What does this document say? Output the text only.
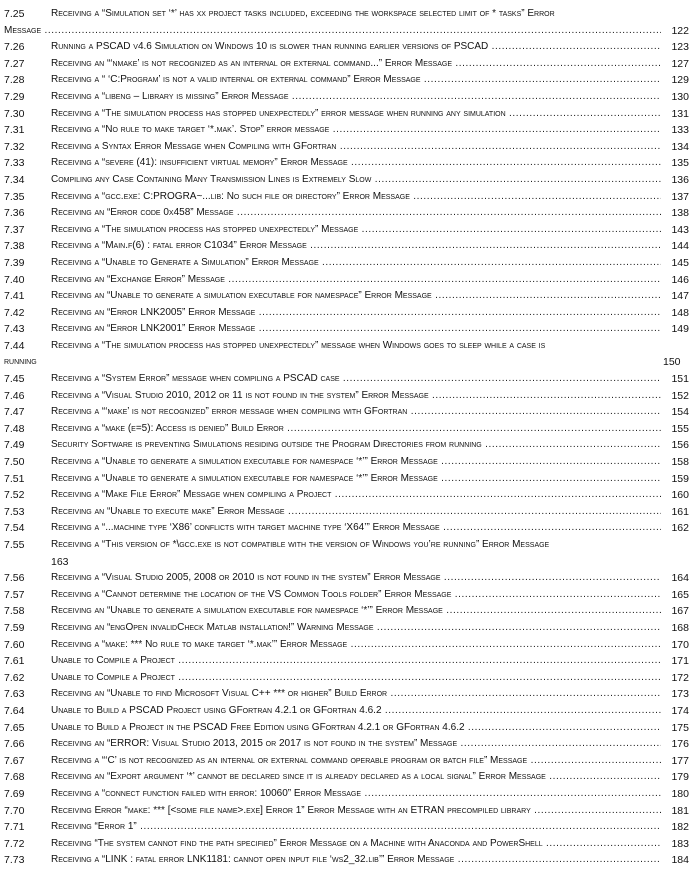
7.25	Receiving a “Simulation set ‘*’ has xx project tasks included, exceeding the workspace selected limit of * tasks” Error
Message .....	122
7.26	Running a PSCAD v4.6 Simulation on Windows 10 is slower than running earlier versions of PSCAD .....	123
7.27	Receiving an “‘nmake’ is not recognized as an internal or external command...” Error Message .....	127
7.28	Receiving a “ ‘C:Program’ is not a valid internal or external command” Error Message .....	129
7.29	Receiving a “libeng – Library is missing” Error Message .....	130
7.30	Receiving a “The simulation process has stopped unexpectedly” error message when running any simulation .....	131
7.31	Receiving a “No rule to make target ‘*.mak’. Stop” error message .....	133
7.32	Receiving a Syntax Error Message when Compiling with GFortran .....	134
7.33	Receiving a “severe (41): insufficient virtual memory” Error Message .....	135
7.34	Compiling any Case Containing Many Transmission Lines is Extremely Slow .....	136
7.35	Receiving a “gcc.exe: C:PROGRA~...lib: No such file or directory” Error Message .....	137
7.36	Receiving an “Error code 0x458” Message .....	138
7.37	Receiving a “The simulation process has stopped unexpectedly” Message .....	143
7.38	Receiving a “Main.f(6) : fatal error C1034” Error Message .....	144
7.39	Receiving a “Unable to Generate a Simulation” Error Message .....	145
7.40	Receiving an “Exchange Error” Message .....	146
7.41	Receiving an “Unable to generate a simulation executable for namespace” Error Message .....	147
7.42	Receiving an “Error LNK2005” Error Message .....	148
7.43	Receiving an “Error LNK2001” Error Message .....	149
7.44	Receiving a “The simulation process has stopped unexpectedly” message when Windows goes to sleep while a case is
running	150
7.45	Receiving a “System Error” message when compiling a PSCAD case .....	151
7.46	Receiving a “Visual Studio 2010, 2012 or 11 is not found in the system” Error Message .....	152
7.47	Receiving a “‘make’ is not recognized” error message when compiling with GFortran .....	154
7.48	Receiving a “make (e=5): Access is denied” Build Error .....	155
7.49	Security Software is preventing Simulations residing outside the Program Directories from running .....	156
7.50	Receiving a “Unable to generate a simulation executable for namespace ‘*’” Error Message .....	158
7.51	Receiving a “Unable to generate a simulation executable for namespace ‘*’” Error Message .....	159
7.52	Receiving a “Make File Error” Message when compiling a Project .....	160
7.53	Receiving an “Unable to execute make” Error Message .....	161
7.54	Receiving a “...machine type ‘X86’ conflicts with target machine type ‘X64’” Error Message .....	162
7.55	Receiving a “This version of *\gcc.exe is not compatible with the version of Windows you’re running” Error Message
163
7.56	Receiving a “Visual Studio 2005, 2008 or 2010 is not found in the system” Error Message .....	164
7.57	Receiving a “Cannot determine the location of the VS Common Tools folder” Error Message .....	165
7.58	Receiving an “Unable to generate a simulation executable for namespace ‘*’” Error Message .....	167
7.59	Receiving an “engOpen invalidCheck Matlab installation!” Warning Message .....	168
7.60	Receiving a “make: *** No rule to make target ‘*.mak’” Error Message .....	170
7.61	Unable to Compile a Project .....	171
7.62	Unable to Compile a Project .....	172
7.63	Receiving an “Unable to find Microsoft Visual C++ *** or higher” Build Error .....	173
7.64	Unable to Build a PSCAD Project using GFortran 4.2.1 or GFortran 4.6.2 .....	174
7.65	Unable to Build a Project in the PSCAD Free Edition using GFortran 4.2.1 or GFortran 4.6.2 .....	175
7.66	Receiving an “ERROR: Visual Studio 2013, 2015 or 2017 is not found in the system” Message .....	176
7.67	Receiving a “‘C’ is not recognized as an internal or external command operable program or batch file” Message .....	177
7.68	Receiving an “Export argument ‘*’ cannot be declared since it is already declared as a local signal” Error Message .....	179
7.69	Receiving a “connect function failed with error: 10060” Error Message .....	180
7.70	Receiving Error “make: *** [<some file name>.exe] Error 1” Error Message with an ETRAN precompiled library .....	181
7.71	Receiving “Error 1” .....	182
7.72	Receiving “The system cannot find the path specified” Error Message on a Machine with Anaconda and PowerShell .....	183
7.73	Receiving a “LINK : fatal error LNK1181: cannot open input file ‘ws2_32.lib’” Error Message .....	184
